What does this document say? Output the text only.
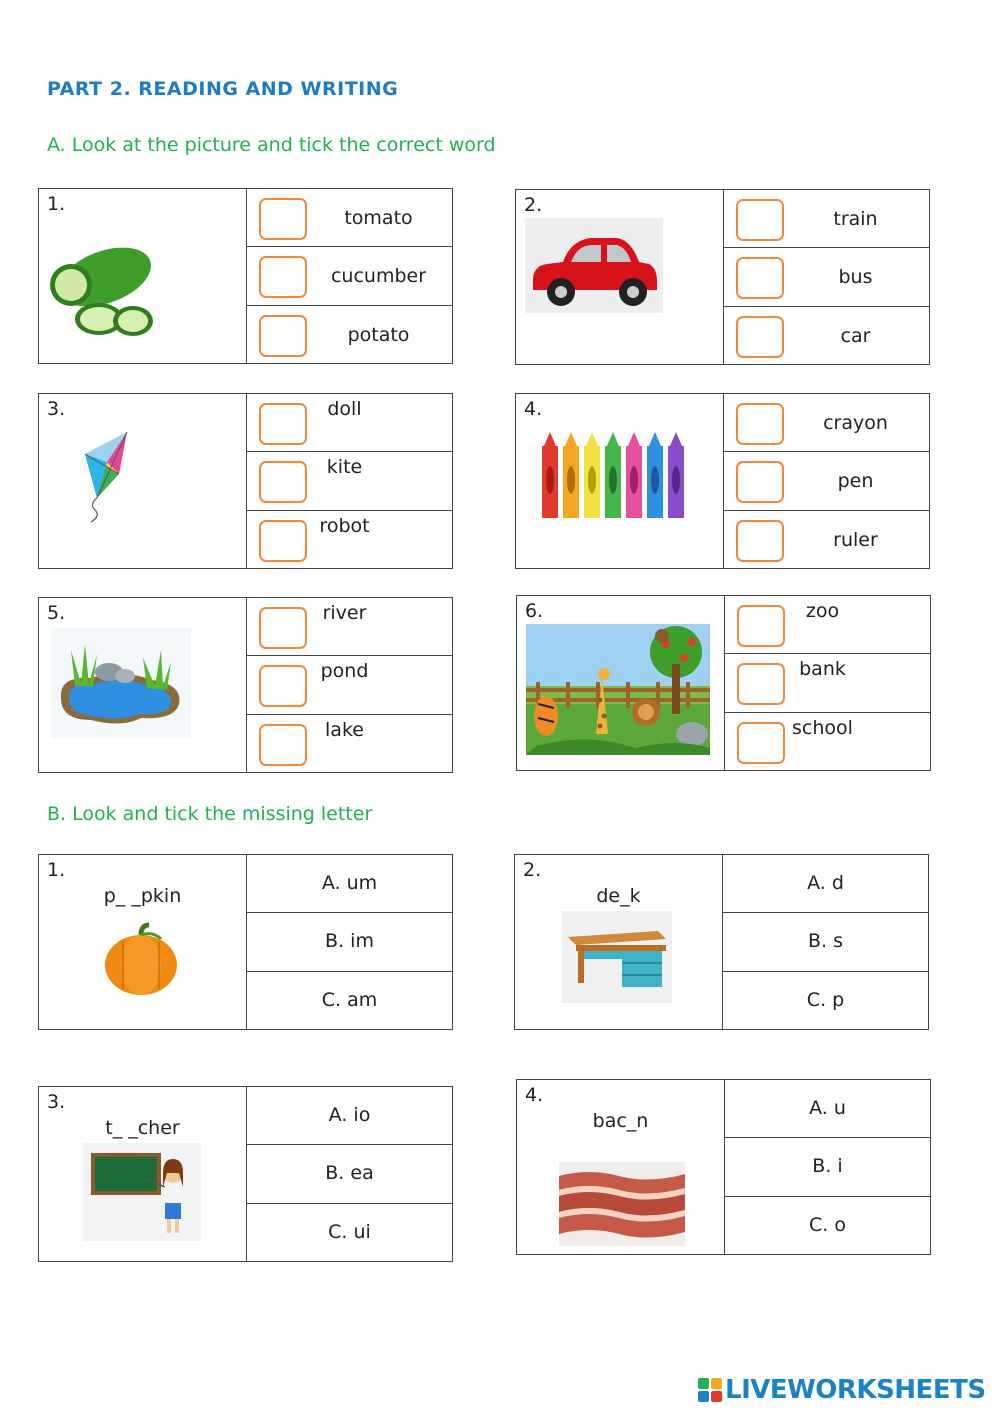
PART 2. READING AND WRITING
A. Look at the picture and tick the correct word
1.
tomato
cucumber
potato
2.
train
bus
car
3.	doll
kite
robot
4.
crayon
pen
ruler
5.	river
pond
lake
6.	zoo
bank
school
B. Look and tick the missing letter
1.
p_ _pkin
A. um
B. im
C. am
2.
de_k
A. d
B. s
C. p
3.
t_ _cher
A. io
B. ea
C. ui
4.
bac_n
A. u
B. i
C. o
LIVEWORKSHEETS
